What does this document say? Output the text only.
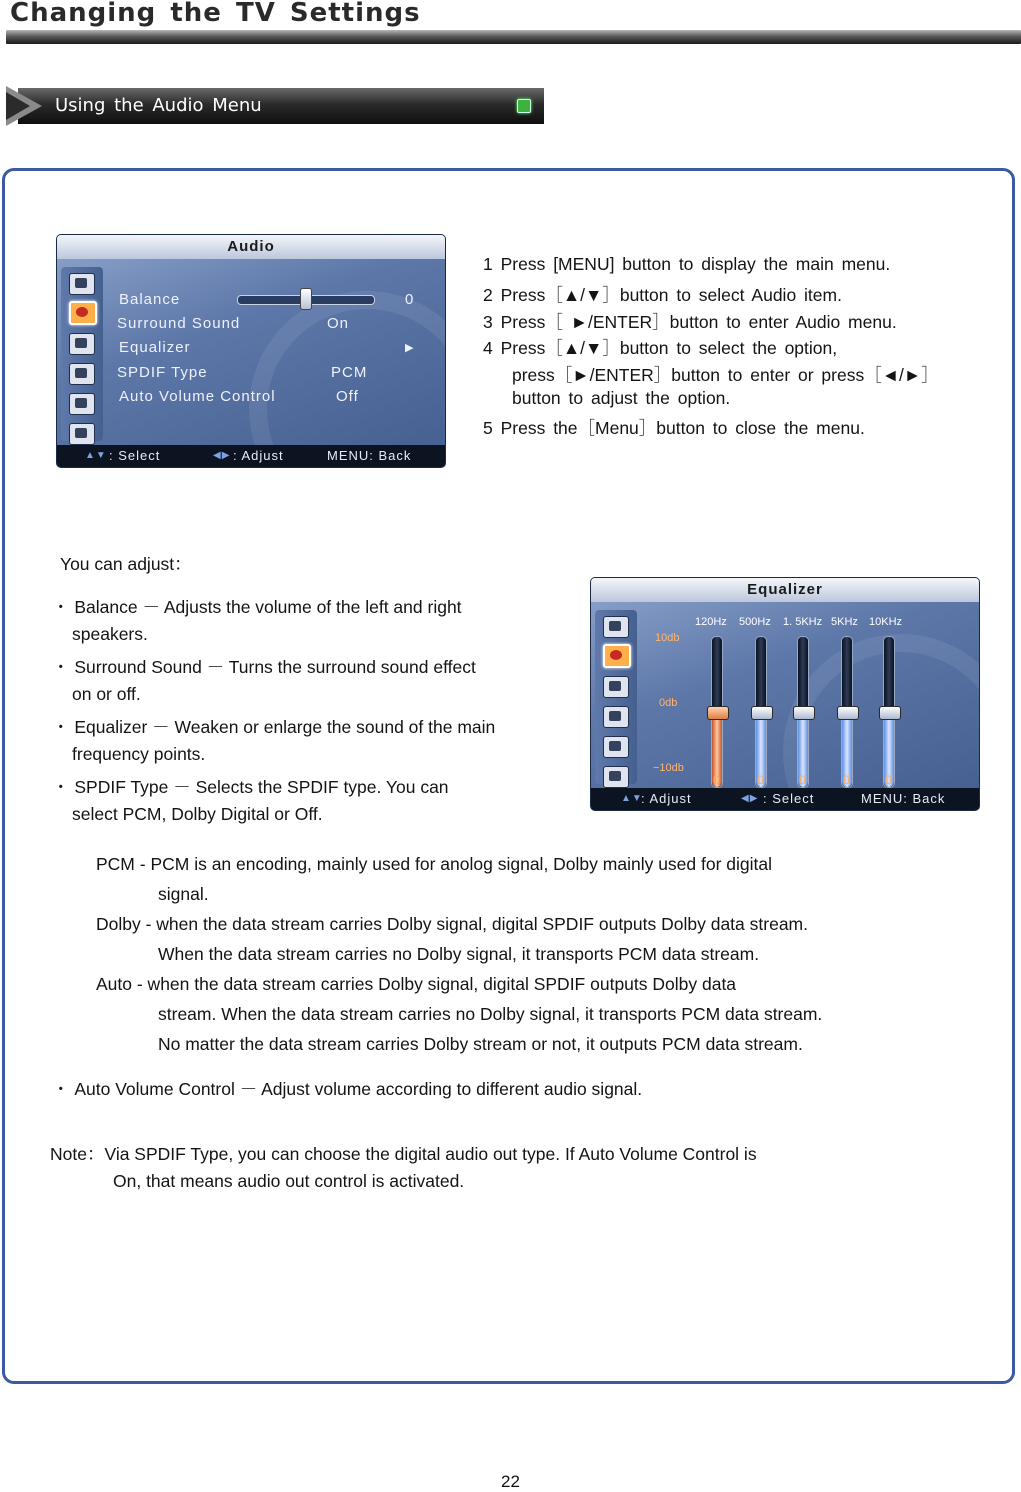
Changing the TV Settings
Using the Audio Menu
Audio
Balance	0
Surround Sound	On
Equalizer	▶
SPDIF Type	PCM
Auto Volume Control	Off
▲▼ : Select	◀▶ : Adjust	MENU: Back
1 Press [MENU] button to display the main menu.
2 Press［▲/▼］button to select Audio item.
3 Press［ ►/ENTER］button to enter Audio menu.
4 Press［▲/▼］button to select the option,
press［►/ENTER］button to enter or press［◄/►］
button to adjust the option.
5 Press the［Menu］button to close the menu.
You can adjust：
・ Balance － Adjusts the volume of the left and right
speakers.
・ Surround Sound － Turns the surround sound effect
on or off.
・ Equalizer － Weaken or enlarge the sound of the main
frequency points.
・ SPDIF Type － Selects the SPDIF type. You can
select PCM, Dolby Digital or Off.
Equalizer
10db
0db
−10db
120Hz
0
500Hz
0
1. 5KHz
0
5KHz
0
10KHz
0
▲▼
: Adjust	◀▶ : Select	MENU: Back
PCM - PCM is an encoding, mainly used for anolog signal, Dolby mainly used for digital
signal.
Dolby - when the data stream carries Dolby signal, digital SPDIF outputs Dolby data stream.
When the data stream carries no Dolby signal, it transports PCM data stream.
Auto - when the data stream carries Dolby signal, digital SPDIF outputs Dolby data
stream. When the data stream carries no Dolby signal, it transports PCM data stream.
No matter the data stream carries Dolby stream or not, it outputs PCM data stream.
・ Auto Volume Control － Adjust volume according to different audio signal.
Note：Via SPDIF Type, you can choose the digital audio out type. If Auto Volume Control is
On, that means audio out control is activated.
22
